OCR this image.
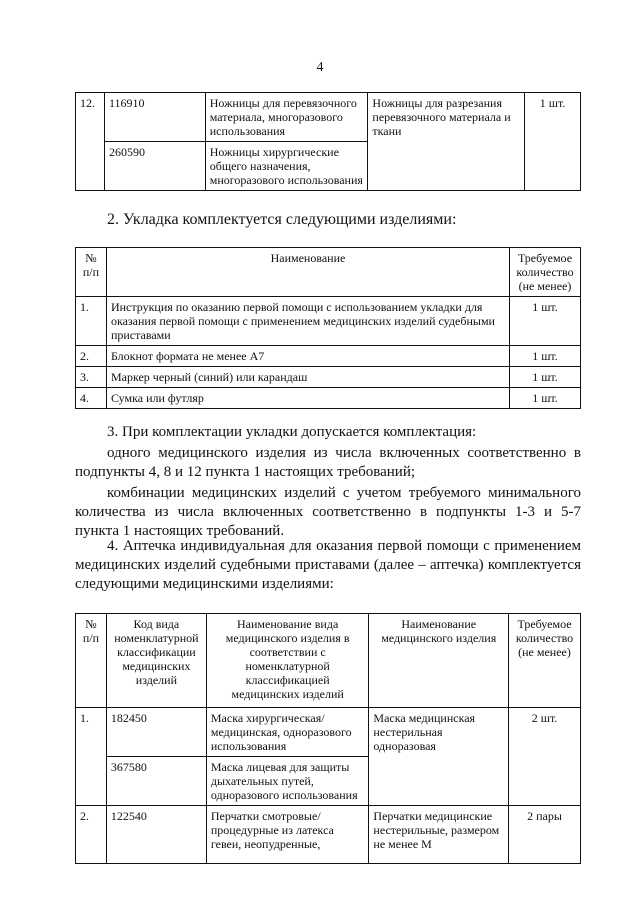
4
12.	116910	Ножницы для перевязочного материала, многоразового использования	Ножницы для разрезания перевязочного материала и ткани	1 шт.
	260590	Ножницы хирургические общего назначения, многоразового использования		
2. Укладка комплектуется следующими изделиями:
№ п/п	Наименование	Требуемое количество (не менее)
1.	Инструкция по оказанию первой помощи с использованием укладки для оказания первой помощи с применением медицинских изделий судебными приставами	1 шт.
2.	Блокнот формата не менее А7	1 шт.
3.	Маркер черный (синий) или карандаш	1 шт.
4.	Сумка или футляр	1 шт.
3. При комплектации укладки допускается комплектация:
одного медицинского изделия из числа включенных соответственно в подпункты 4, 8 и 12 пункта 1 настоящих требований;
комбинации медицинских изделий с учетом требуемого минимального количества из числа включенных соответственно в подпункты 1-3 и 5-7 пункта 1 настоящих требований.
4. Аптечка индивидуальная для оказания первой помощи с применением медицинских изделий судебными приставами (далее – аптечка) комплектуется следующими медицинскими изделиями:
№ п/п	Код вида номенклатурной классификации медицинских изделий	Наименование вида медицинского изделия в соответствии с номенклатурной классификацией медицинских изделий	Наименование медицинского изделия	Требуемое количество (не менее)
1.	182450	Маска хирургическая/ медицинская, одноразового использования	Маска медицинская нестерильная одноразовая	2 шт.
	367580	Маска лицевая для защиты дыхательных путей, одноразового использования		
2.	122540	Перчатки смотровые/ процедурные из латекса гевеи, неопудренные,	Перчатки медицинские нестерильные, размером не менее М	2 пары
